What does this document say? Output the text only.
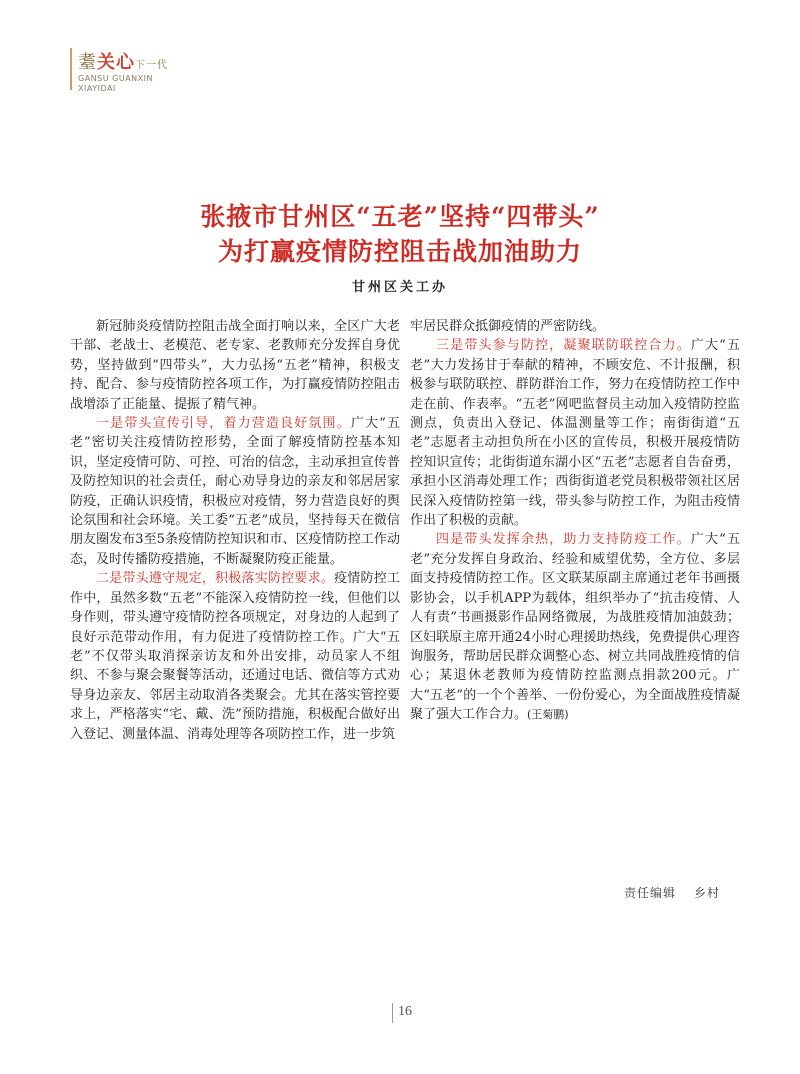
耋关心下一代
GANSU GUANXIN
XIAYIDAI
张掖市甘州区“五老”坚持“四带头”
为打赢疫情防控阻击战加油助力
甘州区关工办

新冠肺炎疫情防控阻击战全面打响以来，全区广大老干部、老战士、老模范、老专家、老教师充分发挥自身优势，坚持做到“四带头”，大力弘扬“五老”精神，积极支持、配合、参与疫情防控各项工作，为打赢疫情防控阻击战增添了正能量、提振了精气神。

一是带头宣传引导，着力营造良好氛围。广大“五老”密切关注疫情防控形势，全面了解疫情防控基本知识，坚定疫情可防、可控、可治的信念，主动承担宣传普及防控知识的社会责任，耐心劝导身边的亲友和邻居居家防疫，正确认识疫情，积极应对疫情，努力营造良好的舆论氛围和社会环境。关工委“五老”成员，坚持每天在微信朋友圈发布3至5条疫情防控知识和市、区疫情防控工作动态，及时传播防疫措施，不断凝聚防疫正能量。

二是带头遵守规定，积极落实防控要求。疫情防控工作中，虽然多数“五老”不能深入疫情防控一线，但他们以身作则，带头遵守疫情防控各项规定，对身边的人起到了良好示范带动作用，有力促进了疫情防控工作。广大“五老”不仅带头取消探亲访友和外出安排，动员家人不组织、不参与聚会聚餐等活动，还通过电话、微信等方式劝导身边亲友、邻居主动取消各类聚会。尤其在落实管控要求上，严格落实“宅、戴、洗”预防措施，积极配合做好出入登记、测量体温、消毒处理等各项防控工作，进一步筑

牢居民群众抵御疫情的严密防线。

三是带头参与防控，凝聚联防联控合力。广大“五老”大力发扬甘于奉献的精神，不顾安危、不计报酬，积极参与联防联控、群防群治工作，努力在疫情防控工作中走在前、作表率。“五老”网吧监督员主动加入疫情防控监测点，负责出入登记、体温测量等工作；南街街道“五老”志愿者主动担负所在小区的宣传员，积极开展疫情防控知识宣传；北街街道东湖小区“五老”志愿者自告奋勇，承担小区消毒处理工作；西街街道老党员积极带领社区居民深入疫情防控第一线，带头参与防控工作，为阻击疫情作出了积极的贡献。

四是带头发挥余热，助力支持防疫工作。广大“五老”充分发挥自身政治、经验和威望优势，全方位、多层面支持疫情防控工作。区文联某原副主席通过老年书画摄影协会，以手机APP为载体，组织举办了“抗击疫情、人人有责”书画摄影作品网络微展，为战胜疫情加油鼓劲；区妇联原主席开通24小时心理援助热线，免费提供心理咨询服务，帮助居民群众调整心态、树立共同战胜疫情的信心；某退休老教师为疫情防控监测点捐款200元。广大“五老”的一个个善举、一份份爱心，为全面战胜疫情凝聚了强大工作合力。(王菊鹏)

责任编辑 乡村
16
